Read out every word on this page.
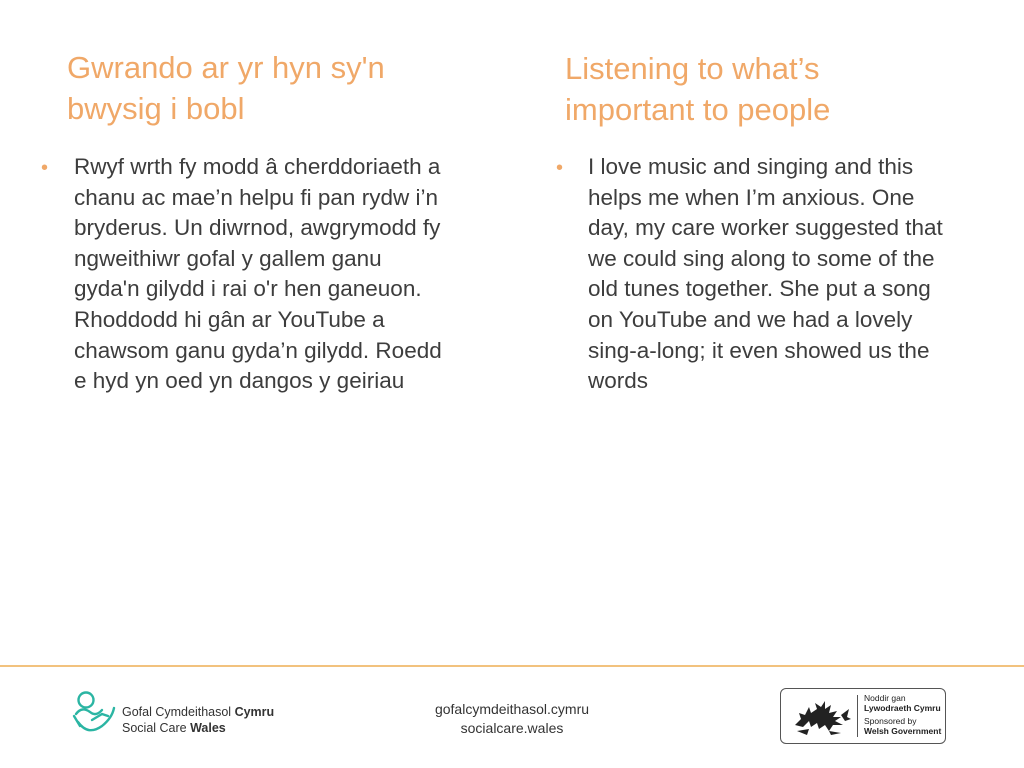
Gwrando ar yr hyn sy'n
bwysig i bobl
• Rwyf wrth fy modd â cherddoriaeth a
chanu ac mae’n helpu fi pan rydw i’n
bryderus. Un diwrnod, awgrymodd fy
ngweithiwr gofal y gallem ganu
gyda'n gilydd i rai o'r hen ganeuon.
Rhoddodd hi gân ar YouTube a
chawsom ganu gyda’n gilydd. Roedd
e hyd yn oed yn dangos y geiriau
Listening to what’s
important to people
• I love music and singing and this
helps me when I’m anxious. One
day, my care worker suggested that
we could sing along to some of the
old tunes together. She put a song
on YouTube and we had a lovely
sing-a-long; it even showed us the
words
Gofal Cymdeithasol Cymru
Social Care Wales
gofalcymdeithasol.cymru
socialcare.wales
Noddir gan
Lywodraeth Cymru
Sponsored by
Welsh Government
